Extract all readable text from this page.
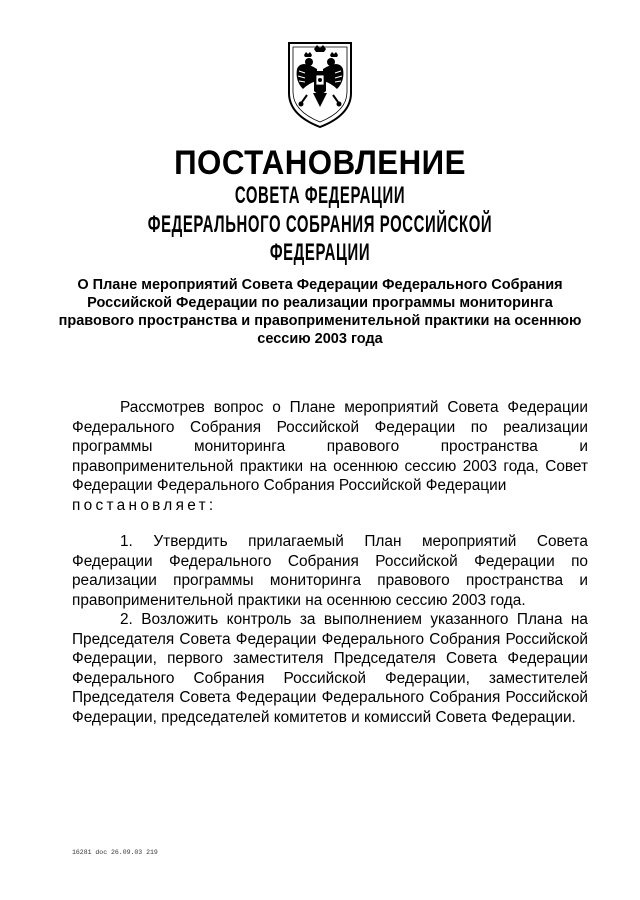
ПОСТАНОВЛЕНИЕ
СОВЕТА ФЕДЕРАЦИИ
ФЕДЕРАЛЬНОГО СОБРАНИЯ РОССИЙСКОЙ ФЕДЕРАЦИИ
О Плане мероприятий Совета Федерации Федерального Собрания Российской Федерации по реализации программы мониторинга правового пространства и правоприменительной практики на осеннюю сессию 2003 года

Рассмотрев вопрос о Плане мероприятий Совета Федерации Федерального Собрания Российской Федерации по реализации программы мониторинга правового пространства и правоприменительной практики на осеннюю сессию 2003 года, Совет Федерации Федерального Собрания Российской Федерации

постановляет:

1. Утвердить прилагаемый План мероприятий Совета Федерации Федерального Собрания Российской Федерации по реализации программы мониторинга правового пространства и правоприменительной практики на осеннюю сессию 2003 года.

2. Возложить контроль за выполнением указанного Плана на Председателя Совета Федерации Федерального Собрания Российской Федерации, первого заместителя Председателя Совета Федерации Федерального Собрания Российской Федерации, заместителей Председателя Совета Федерации Федерального Собрания Российской Федерации, председателей комитетов и комиссий Совета Федерации.

16281 doc 26.09.03 219
